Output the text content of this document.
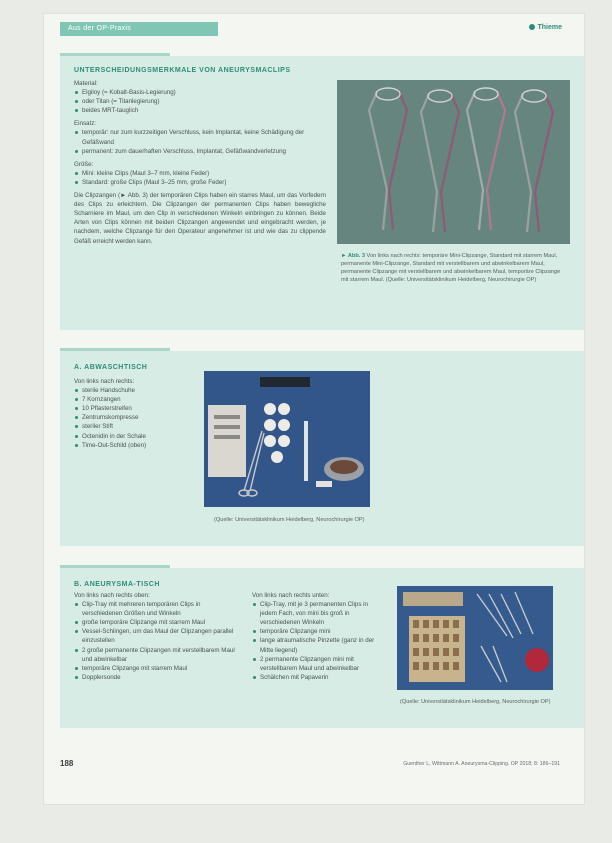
Aus der OP-Praxis	Thieme
UNTERSCHEIDUNGSMERKMALE VON ANEURYSMACLIPS
Material:
Elgiloy (= Kobalt-Basis-Legierung)
oder Titan (= Titanlegierung)
beides MRT-tauglich
Einsatz:
temporär: nur zum kurzzeitigen Verschluss, kein Implantat, keine Schädigung der Gefäßwand
permanent: zum dauerhaften Verschluss, Implantat, Gefäßwandverletzung
Größe:
Mini: kleine Clips (Maul 3–7 mm, kleine Feder)
Standard: große Clips (Maul 3–25 mm, große Feder)
Die Clipzangen (► Abb. 3) der temporären Clips haben ein starres Maul, um das Vorfedern des Clips zu erleichtern. Die Clipzangen der permanenten Clips haben bewegliche Scharniere im Maul, um den Clip in verschiedenen Winkeln einbringen zu können. Beide Arten von Clips können mit beiden Clipzangen angewendet und eingebracht werden, je nachdem, welche Clipzange für den Operateur angenehmer ist und wie das zu clippende Gefäß erreicht werden kann.
► Abb. 3 Von links nach rechts: temporäre Mini-Clipzange, Standard mit starrem Maul, permanente Mini-Clipzange, Standard mit verstellbarem und abwinkelbarem Maul, permanente Clipzange mit verstellbarem und abwinkelbarem Maul, temporäre Clipzange mit starrem Maul. (Quelle: Universitätsklinikum Heidelberg, Neurochirurgie OP)
A. ABWASCHTISCH
Von links nach rechts:
sterile Handschuhe
7 Kornzangen
10 Pflasterstreifen
Zentrumskompresse
steriler Stift
Octenidin in der Schale
Time-Out-Schild (oben)
(Quelle: Universitätsklinikum Heidelberg, Neurochirurgie OP)
B. ANEURYSMA-TISCH
Von links nach rechts oben:
Clip-Tray mit mehreren temporären Clips in verschiedenen Größen und Winkeln
große temporäre Clipzange mit starrem Maul
Vessel-Schlingen, um das Maul der Clipzangen parallel einzustellen
2 große permanente Clipzangen mit verstellbarem Maul und abwinkelbar
temporäre Clipzange mit starrem Maul
Dopplersonde
Von links nach rechts unten:
Clip-Tray, mit je 3 permanenten Clips in jedem Fach, von mini bis groß in verschiedenen Winkeln
temporäre Clipzange mini
lange atraumatische Pinzette (ganz in der Mitte liegend)
2 permanente Clipzangen mini mit verstellbarem Maul und abwinkelbar
Schälchen mit Papaverin
(Quelle: Universitätsklinikum Heidelberg, Neurochirurgie OP)
188	Guenther L, Wittmann A. Aneurysma-Clipping. OP 2018; 8: 186–191
